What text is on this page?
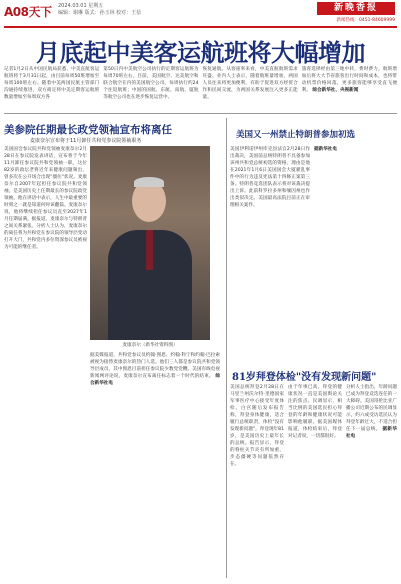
A08天下 2024.03.01 星期五
编辑：谢琳 版式：孙玉林 校对：王蓓	新晚香报
新闻热线：0451-84609999
月底起中美客运航班将大幅增加
记者1月2日从中国民航局获悉，中美直航客运航班将于3月31日起，由目前每周50班增加至每周100班左右。随着中美两国民航主管部门沟通持续推进，双方商定将中美定期客运航班数量增加至每周双方各
第50日内中美航空公司执行的定期客运航班为每周70班左右。目前，美国航空、达美航空和联合航空在内的美国航空公司，每周执行约24个往返航班；中国的国航、东航、南航、厦航等航空公司也在逐步恢复运营中。
恢复通航。从客座率来看，中美直航航班需求旺盛。业内人士表示，随着航班量增加，两国人员往来将更加便利，有助于促进双方经贸合作和民间交流，为两国关系发展注入更多正能量。
旅客选择经由第三地中转，费时费力。航班增加后将大大节省旅客出行时间和成本，也将带动机票价格回落，更多旅客能够享受直飞便利。 综合新华社、央视新闻
美参院任期最长政党领袖宣布将离任
麦康奈尔宣布将于11月卸任共和党参议院领袖职务
美国国会参议院共和党领袖麦康奈尔2月28日在参议院发表讲话，宣布将于今年11月卸任参议院共和党领袖一职，这位82岁的政坛老将近年来健康问题频出，曾多次在公开场合出现"僵住"状况。麦康奈尔自2007年起担任参议院共和党领袖，是美国历史上任期最长的参议院政党领袖。他在讲话中表示，人生中最重要的时刻之一就是知道何时该翻篇。麦康奈尔说，他将继续担任参议员直至2027年1月任期届满。据报道，麦康奈尔与特朗普之间关系紧张。分析人士认为，麦康奈尔的离任将为共和党在参议院的领导层变动打开大门，共和党内多位资深参议员被视为可能的继任者。
麦康奈尔（新华社资料图）
据美媒报道，共和党参议员约翰·图恩、约翰·科宁和约翰·巴拉索被视为接替麦康奈尔的热门人选。他们三人都是参议院共和党领导层成员，其中图恩目前担任参议院少数党党鞭。美国有线电视新闻网评论说，麦康奈尔宣布离任标志着一个时代的结束。 综合新华社电
美国又一州禁止特朗普参加初选
美国伊利诺伊州库克县法官2月28日作出裁决，美国前总统特朗普不具备参加该州共和党总统初选的资格，理由是他在2021年1月6日美国国会大厦骚乱事件中的行为违反宪法第十四修正案第三条。特朗普竞选团队表示将对该裁决提出上诉。此前科罗拉多州和缅因州也作出类似决定。美国最高法院目前正在审理相关案件。
据新华社电
81岁拜登体检"没有发现新问题"
美国总统拜登2月28日在马里兰州沃尔特·里德国家军事医疗中心接受年度体检。白宫随后发布报告称，拜登身体健康，适合履行总统职责，体检"没有发现新问题"。拜登现年81岁，是美国历史上最年长的总统。报告显示，拜登的脊柱关节炎有所加重，步态僵硬等问题依然存在。
由于年事已高，拜登的健康状况一直是美国舆论关注的焦点。民调显示，相当比例的美国选民担心拜登的年龄和健康状况可能影响他履职。据美国媒体报道，体检结束后，拜登对记者说，一切都很好。
分析人士指出，年龄问题已成为拜登竞选连任的一大障碍。美国哥伦比亚广播公司近期公布的民调显示，约六成受访选民认为拜登年龄过大，不适合担任下一届总统。 据新华社电
